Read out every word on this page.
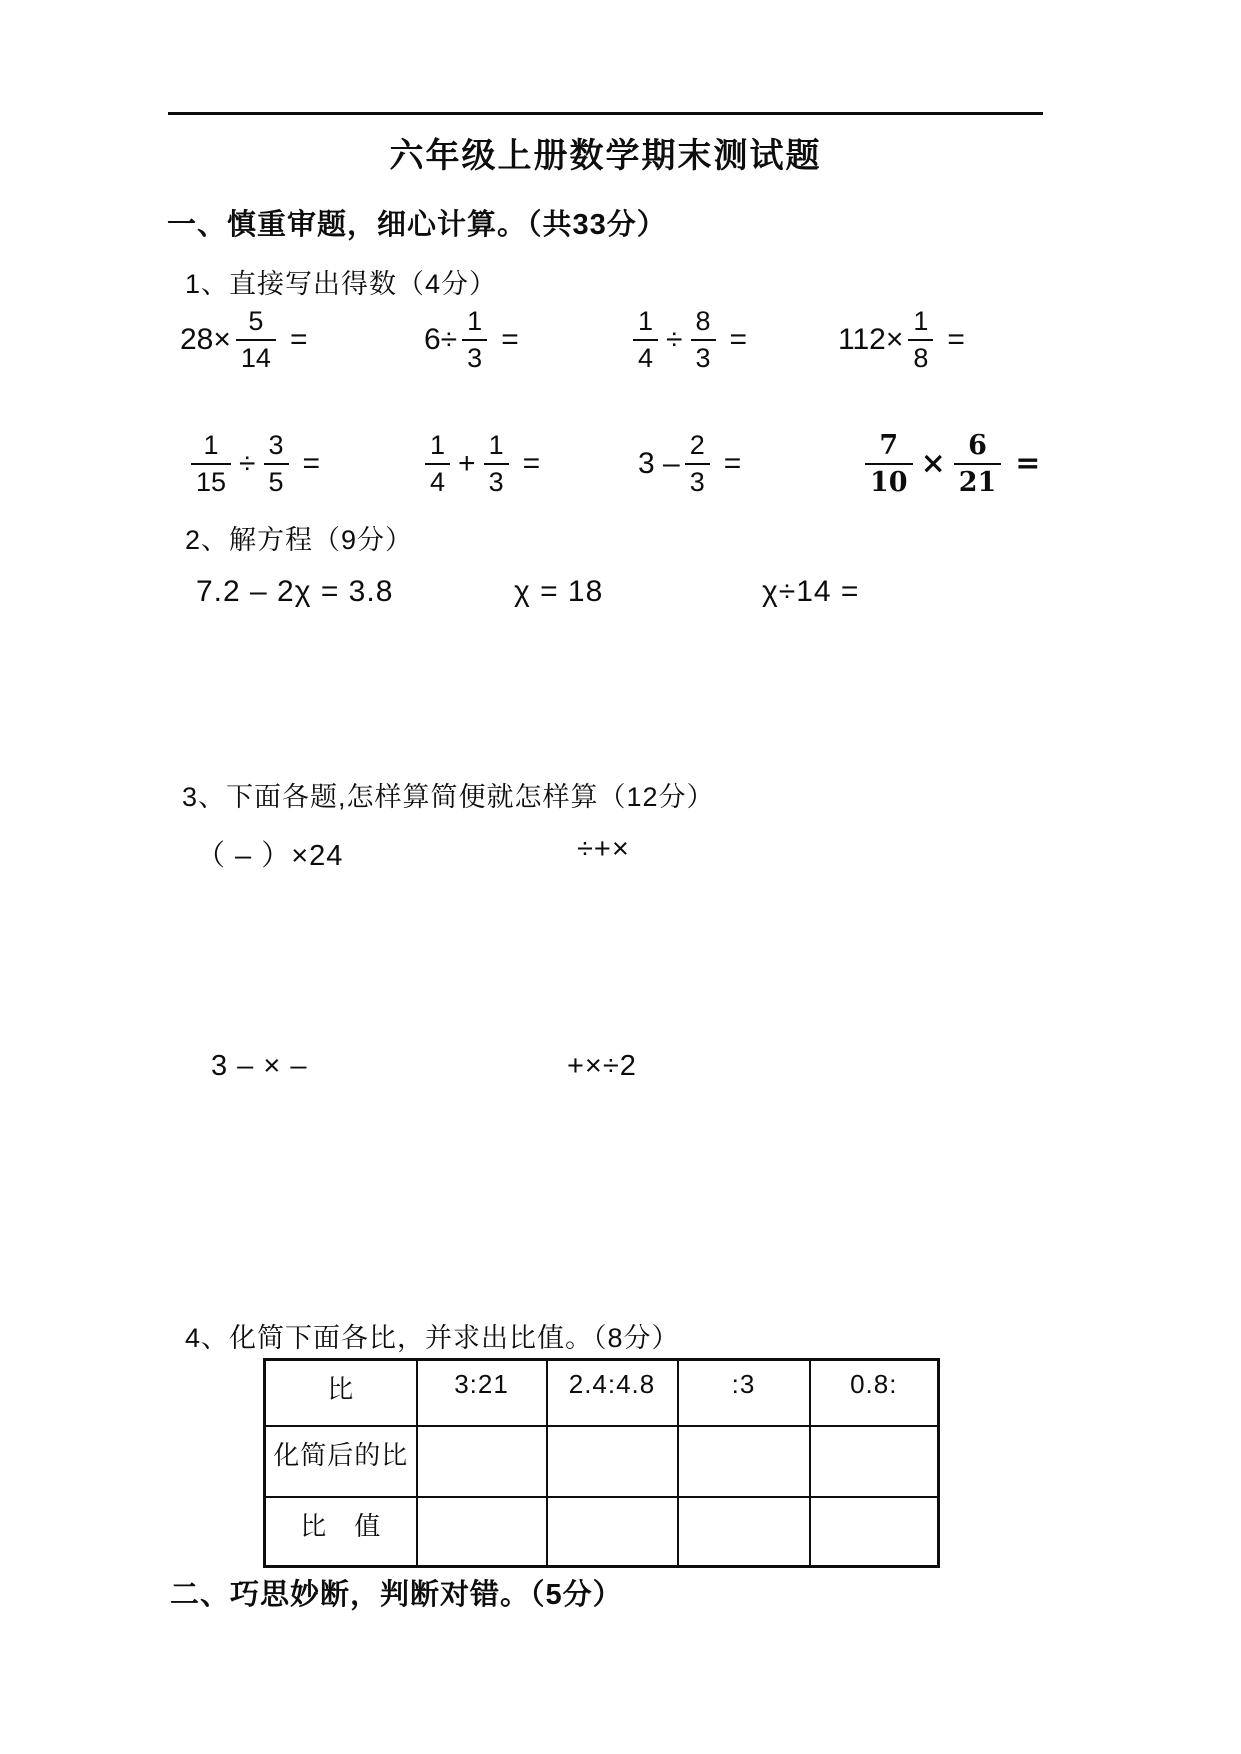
六年级上册数学期末测试题
一、慎重审题，细心计算。（共33分）
1、直接写出得数（4分）
$28\times \frac{5}{14}$ =	$6\div \frac{1}{3}$ =	$\frac{1}{4} \div \frac{8}{3}$ =	$112\times \frac{1}{8}$ =
$\frac{1}{15} \div \frac{3}{5}$ =	$\frac{1}{4} + \frac{1}{3}$ =	$3 - \frac{2}{3}$ =	$\frac{7}{10} \times \frac{6}{21}$ =
2、解方程（9分）
7.2 – 2χ = 3.8	χ = 18	χ÷14 =
3、下面各题,怎样算简便就怎样算（12分）
（ – ）×24	÷+×
3 – × –	+×÷2
4、化简下面各比，并求出比值。（8分）
比	3:21	2.4:4.8	:3	0.8:
化简后的比				
比　值				
二、巧思妙断，判断对错。（5分）
